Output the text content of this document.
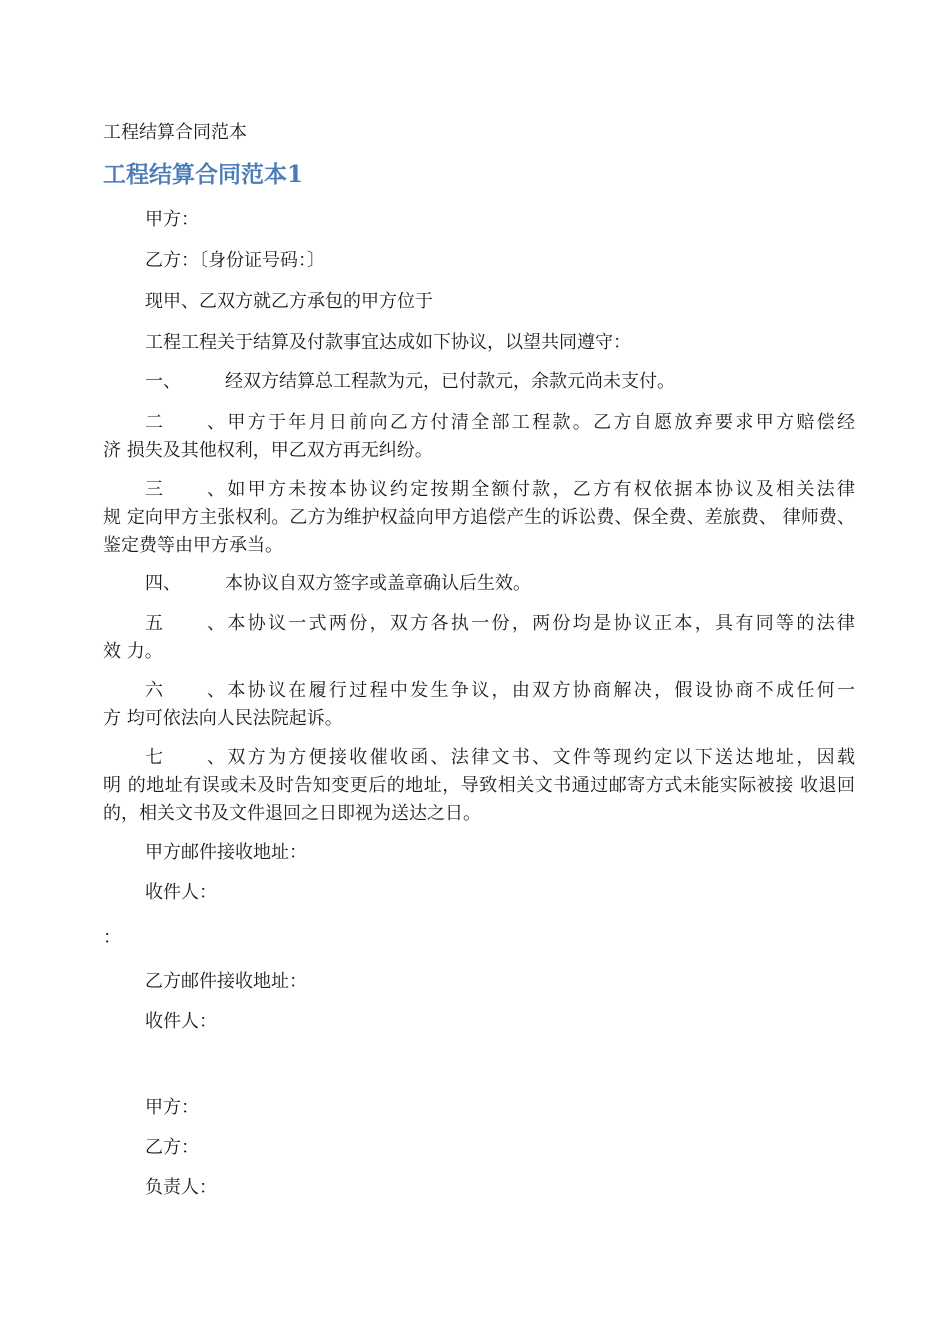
工程结算合同范本

工程结算合同范本1

甲方：

乙方：〔身份证号码：〕

现甲、乙双方就乙方承包的甲方位于

工程工程关于结算及付款事宜达成如下协议，以望共同遵守：

一、 经双方结算总工程款为元，已付款元，余款元尚未支付。
二、甲方于年月日前向乙方付清全部工程款。乙方自愿放弃要求甲方赔偿经
济 损失及其他权利，甲乙双方再无纠纷。
三、如甲方未按本协议约定按期全额付款，乙方有权依据本协议及相关法律
规 定向甲方主张权利。乙方为维护权益向甲方追偿产生的诉讼费、保全费、差旅费、 律师费、鉴定费等由甲方承当。
四、 本协议自双方签字或盖章确认后生效。
五、本协议一式两份，双方各执一份，两份均是协议正本，具有同等的法律
效 力。
六、本协议在履行过程中发生争议，由双方协商解决，假设协商不成任何一
方 均可依法向人民法院起诉。
七、双方为方便接收催收函、法律文书、文件等现约定以下送达地址，因载
明 的地址有误或未及时告知变更后的地址，导致相关文书通过邮寄方式未能实际被接 收退回的，相关文书及文件退回之日即视为送达之日。

甲方邮件接收地址：

收件人：

：

乙方邮件接收地址：

收件人：

甲方：

乙方：

负责人：
